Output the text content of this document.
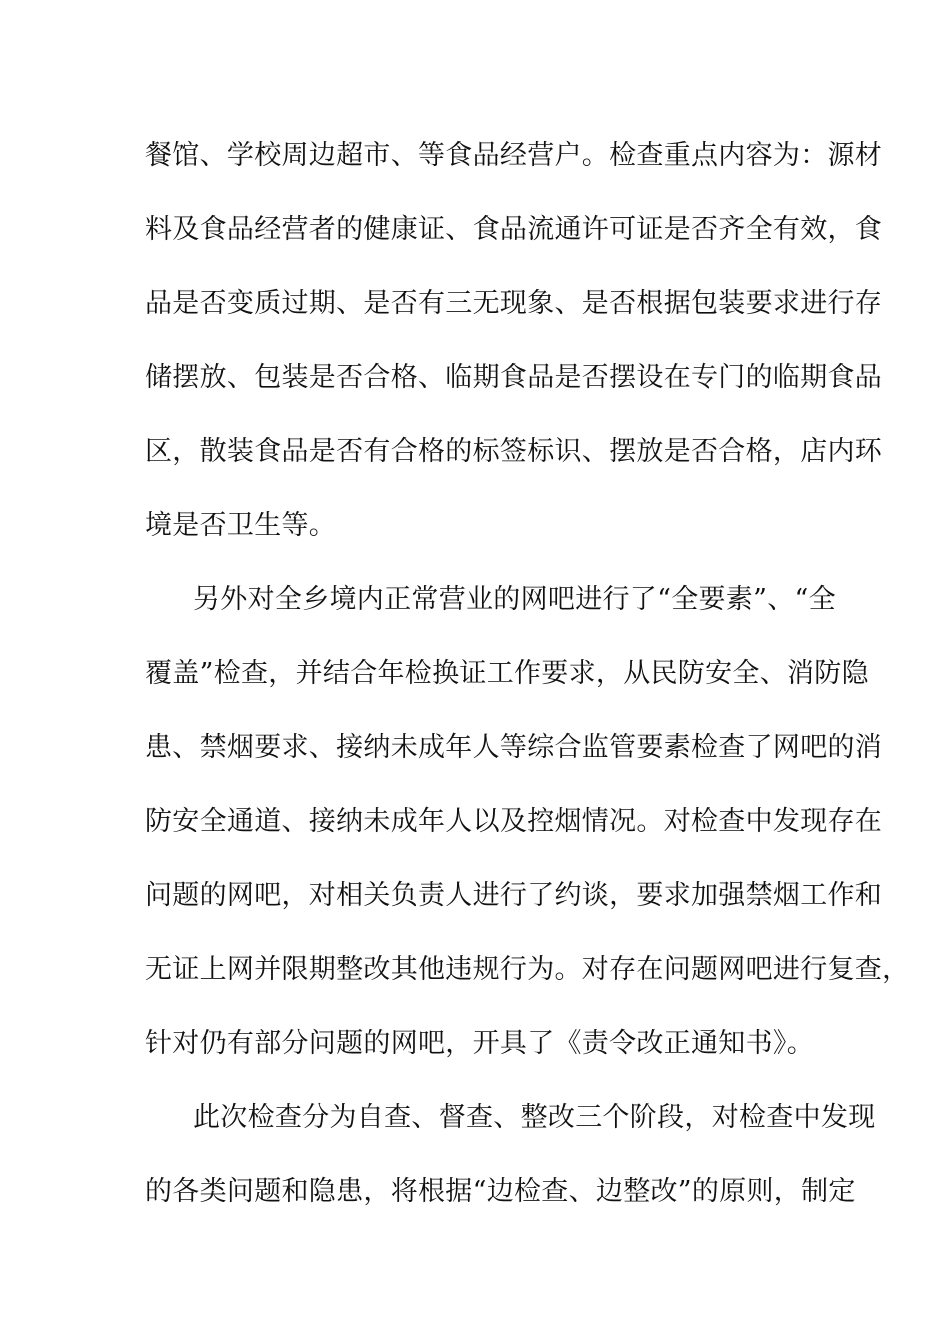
餐馆、学校周边超市、等食品经营户。检查重点内容为：源材
料及食品经营者的健康证、食品流通许可证是否齐全有效，食
品是否变质过期、是否有三无现象、是否根据包装要求进行存
储摆放、包装是否合格、临期食品是否摆设在专门的临期食品
区，散装食品是否有合格的标签标识、摆放是否合格，店内环
境是否卫生等。
另外对全乡境内正常营业的网吧进行了“全要素”、“全
覆盖”检查，并结合年检换证工作要求，从民防安全、消防隐
患、禁烟要求、接纳未成年人等综合监管要素检查了网吧的消
防安全通道、接纳未成年人以及控烟情况。对检查中发现存在
问题的网吧，对相关负责人进行了约谈，要求加强禁烟工作和
无证上网并限期整改其他违规行为。对存在问题网吧进行复查，
针对仍有部分问题的网吧，开具了《责令改正通知书》。
此次检查分为自查、督查、整改三个阶段，对检查中发现
的各类问题和隐患，将根据“边检查、边整改”的原则，制定
